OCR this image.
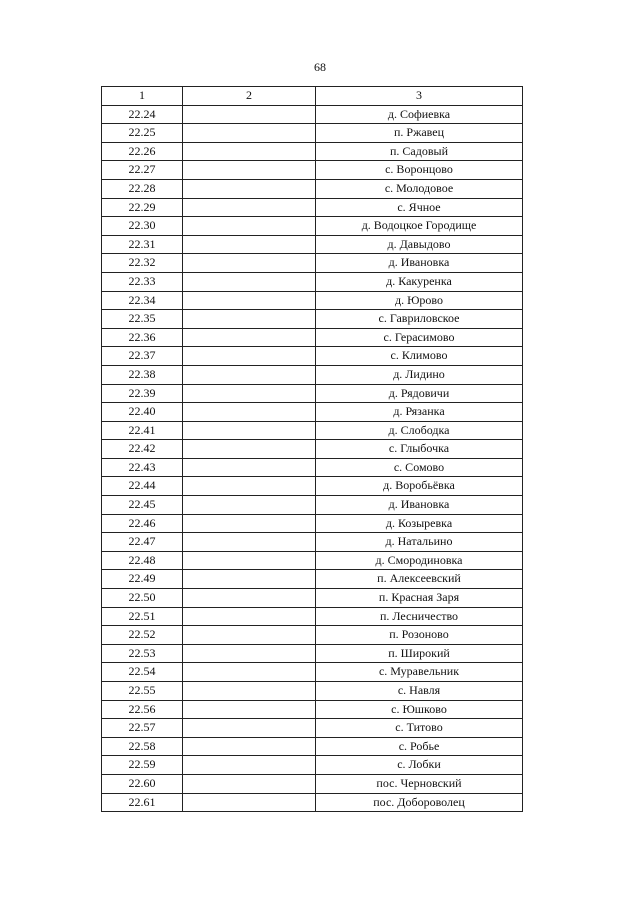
68
1	2	3
22.24		д. Софиевка
22.25		п. Ржавец
22.26		п. Садовый
22.27		с. Воронцово
22.28		с. Молодовое
22.29		с. Ячное
22.30		д. Водоцкое Городище
22.31		д. Давыдово
22.32		д. Ивановка
22.33		д. Какуренка
22.34		д. Юрово
22.35		с. Гавриловское
22.36		с. Герасимово
22.37		с. Климово
22.38		д. Лидино
22.39		д. Рядовичи
22.40		д. Рязанка
22.41		д. Слободка
22.42		с. Глыбочка
22.43		с. Сомово
22.44		д. Воробьёвка
22.45		д. Ивановка
22.46		д. Козыревка
22.47		д. Натальино
22.48		д. Смородиновка
22.49		п. Алексеевский
22.50		п. Красная Заря
22.51		п. Лесничество
22.52		п. Розоново
22.53		п. Широкий
22.54		с. Муравельник
22.55		с. Навля
22.56		с. Юшково
22.57		с. Титово
22.58		с. Робье
22.59		с. Лобки
22.60		пос. Черновский
22.61		пос. Добороволец
